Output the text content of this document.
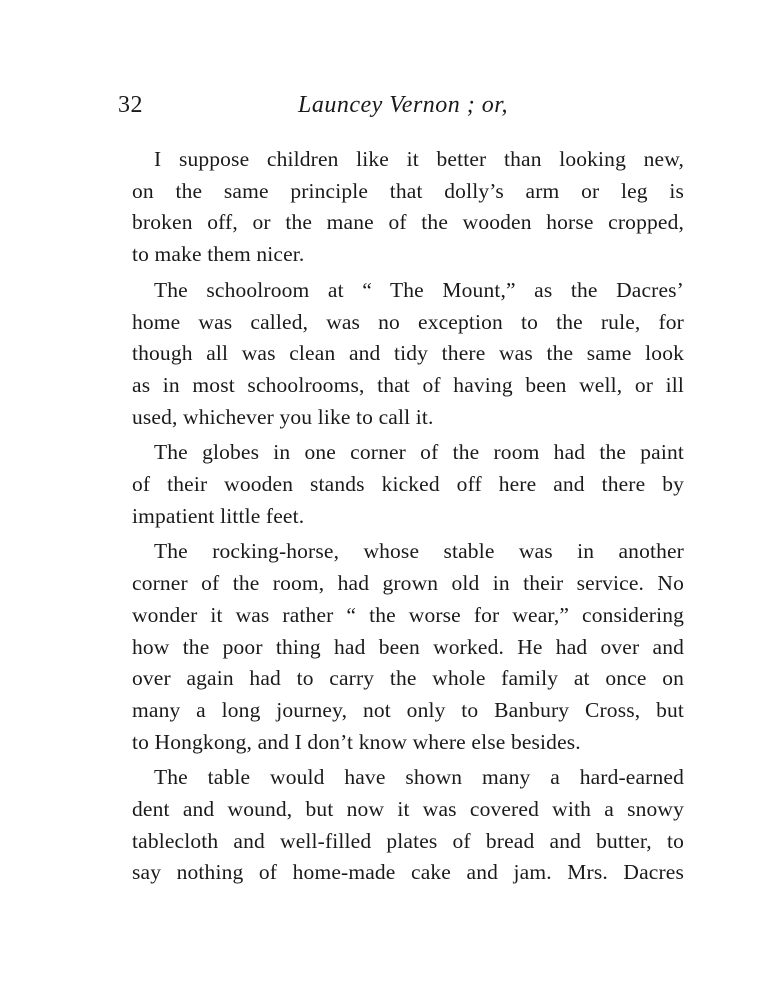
32	Launcey Vernon ; or,
I suppose children like it better than looking new,
on the same principle that dolly’s arm or leg is
broken off, or the mane of the wooden horse cropped,
to make them nicer.
The schoolroom at “ The Mount,” as the Dacres’
home was called, was no exception to the rule, for
though all was clean and tidy there was the same look
as in most schoolrooms, that of having been well, or ill
used, whichever you like to call it.
The globes in one corner of the room had the paint
of their wooden stands kicked off here and there by
impatient little feet.
The rocking-horse, whose stable was in another
corner of the room, had grown old in their service. No
wonder it was rather “ the worse for wear,” considering
how the poor thing had been worked. He had over and
over again had to carry the whole family at once on
many a long journey, not only to Banbury Cross, but
to Hongkong, and I don’t know where else besides.
The table would have shown many a hard-earned
dent and wound, but now it was covered with a snowy
tablecloth and well-filled plates of bread and butter, to
say nothing of home-made cake and jam. Mrs. Dacres
